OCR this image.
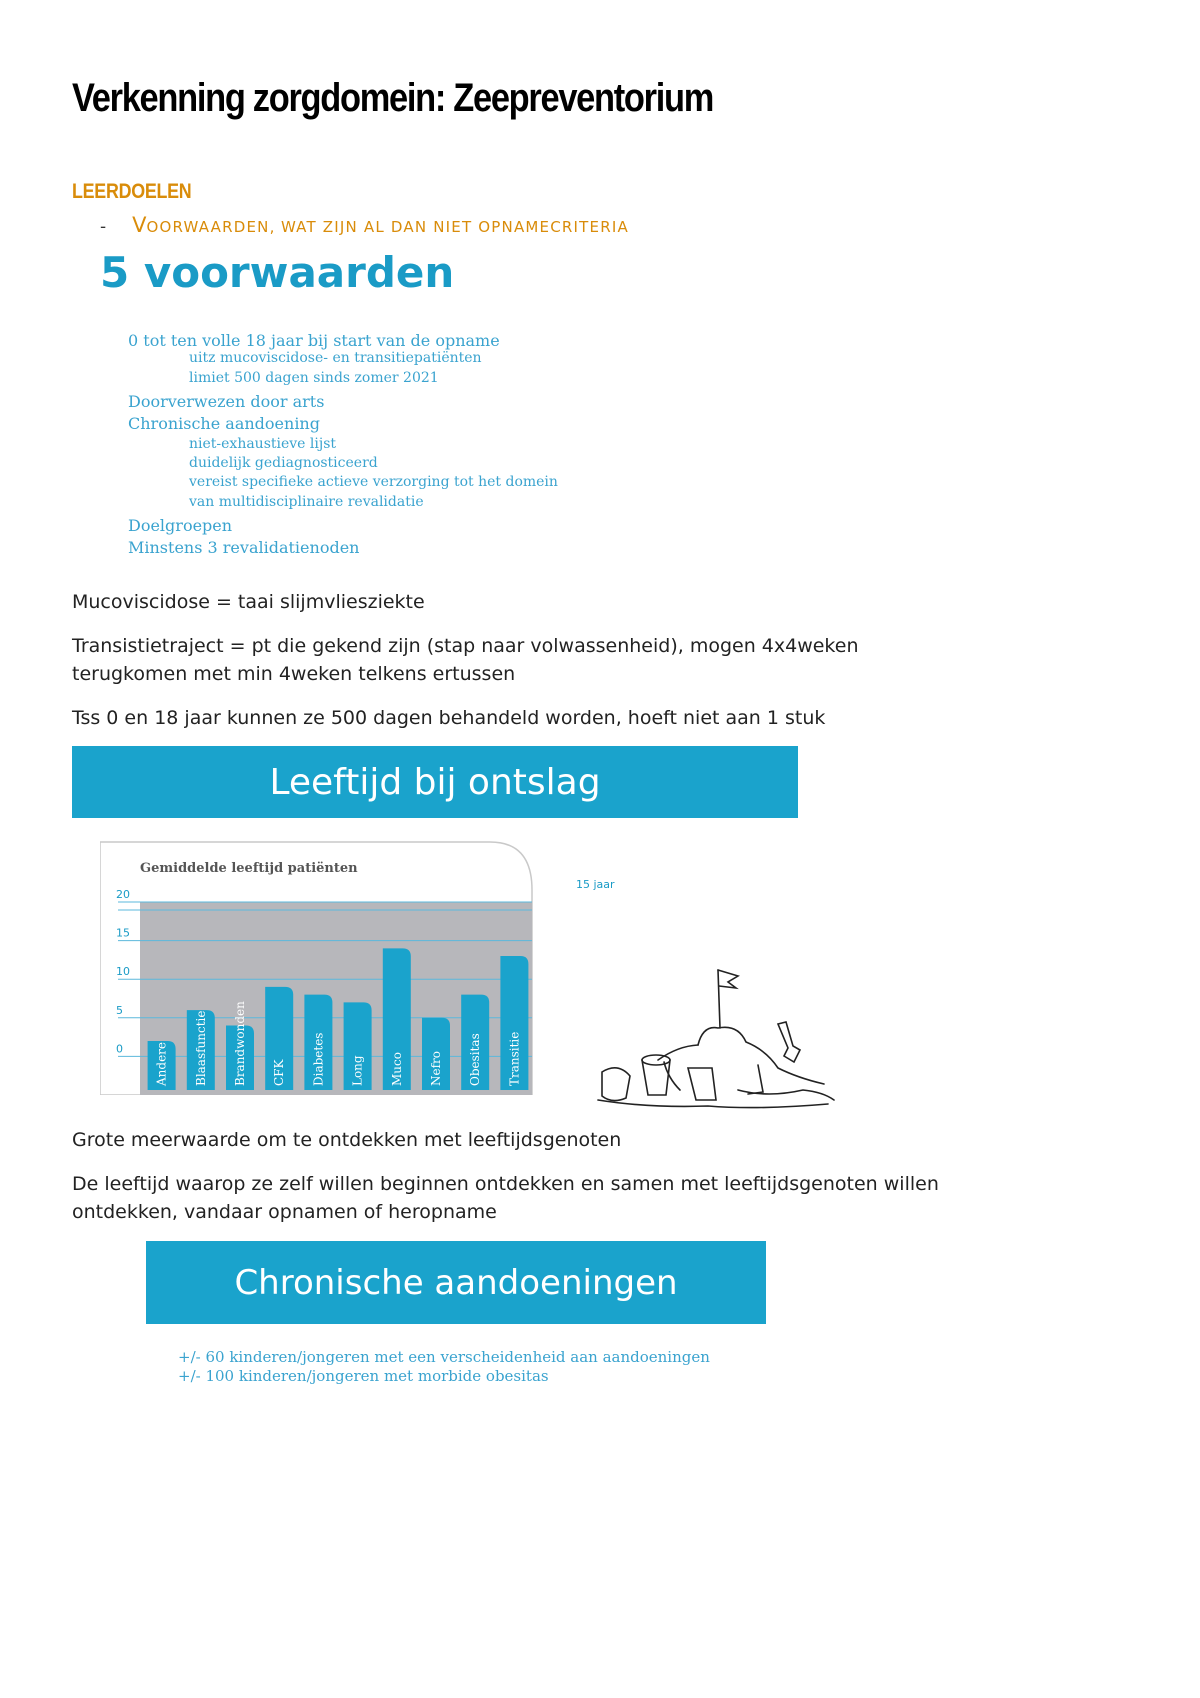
Verkenning zorgdomein: Zeepreventorium
LEERDOELEN
- VOORWAARDEN, WAT ZIJN AL DAN NIET OPNAMECRITERIA
5 voorwaarden
0 tot ten volle 18 jaar bij start van de opname
uitz mucoviscidose- en transitiepatiënten
limiet 500 dagen sinds zomer 2021
Doorverwezen door arts
Chronische aandoening
niet-exhaustieve lijst
duidelijk gediagnosticeerd
vereist specifieke actieve verzorging tot het domein
van multidisciplinaire revalidatie
Doelgroepen
Minstens 3 revalidatienoden
Mucoviscidose = taai slijmvliesziekte
Transistietraject = pt die gekend zijn (stap naar volwassenheid), mogen 4x4weken
terugkomen met min 4weken telkens ertussen
Tss 0 en 18 jaar kunnen ze 500 dagen behandeld worden, hoeft niet aan 1 stuk
Leeftijd bij ontslag
0
5
10
15
20
Andere Blaasfunctie Brandwonden CFK Diabetes Long Muco Nefro Obesitas Transitie
Gemiddelde leeftijd patiënten
15 jaar
Grote meerwaarde om te ontdekken met leeftijdsgenoten
De leeftijd waarop ze zelf willen beginnen ontdekken en samen met leeftijdsgenoten willen
ontdekken, vandaar opnamen of heropname
Chronische aandoeningen
+/- 60 kinderen/jongeren met een verscheidenheid aan aandoeningen
+/- 100 kinderen/jongeren met morbide obesitas
